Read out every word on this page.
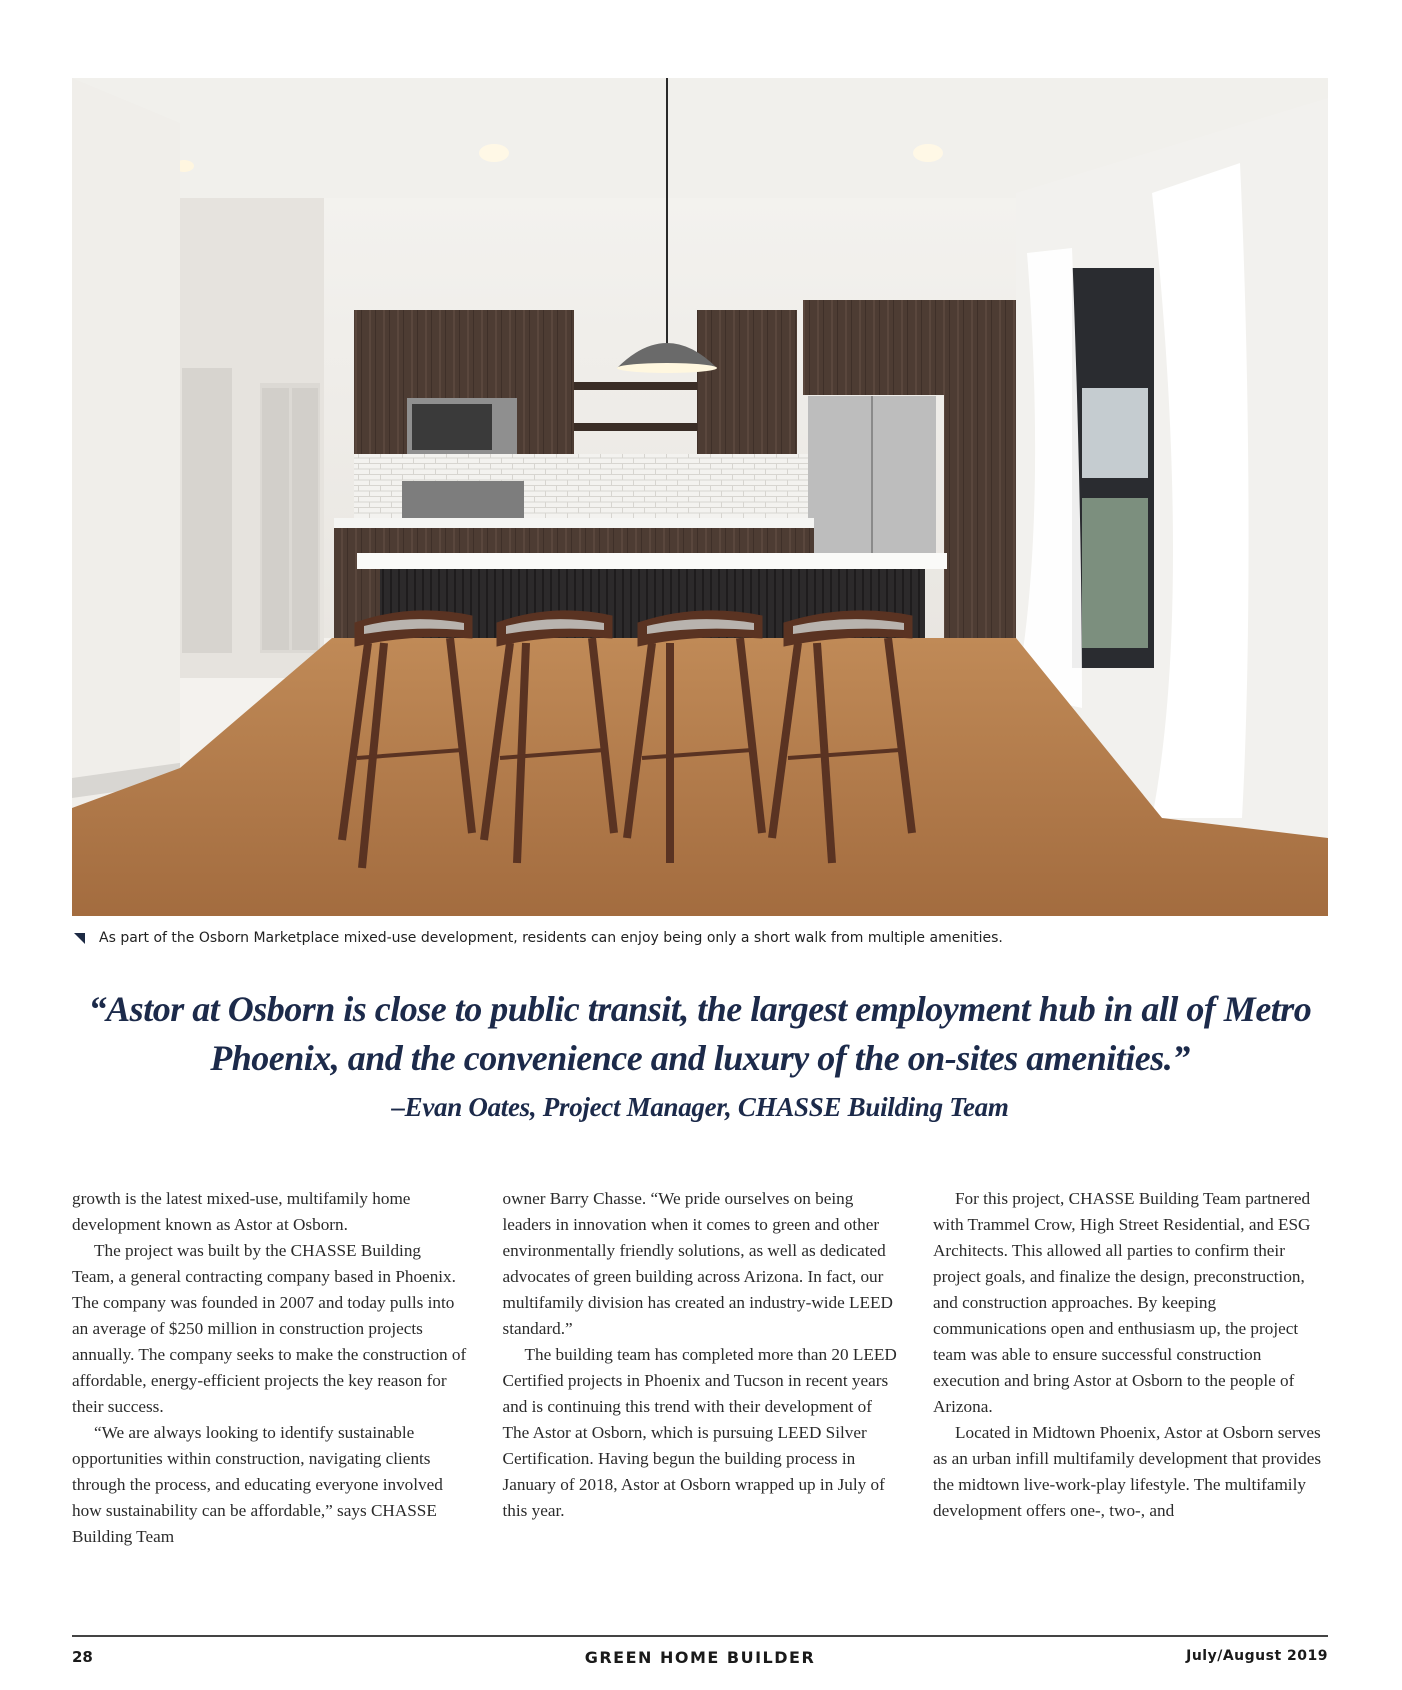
As part of the Osborn Marketplace mixed-use development, residents can enjoy being only a short walk from multiple amenities.
“Astor at Osborn is close to public transit, the largest employment hub in all of Metro
Phoenix, and the convenience and luxury of the on-sites amenities.”
–Evan Oates, Project Manager, CHASSE Building Team

growth is the latest mixed-use, multifamily home development known as Astor at Osborn.

The project was built by the CHASSE Building Team, a general contracting company based in Phoenix. The company was founded in 2007 and today pulls into an average of $250 million in construction projects annually. The company seeks to make the construction of affordable, energy-efficient projects the key reason for their success.

“We are always looking to identify sustainable opportunities within construction, navigating clients through the process, and educating everyone involved how sustainability can be affordable,” says CHASSE Building Team

owner Barry Chasse. “We pride ourselves on being leaders in innovation when it comes to green and other environmentally friendly solutions, as well as dedicated advocates of green building across Arizona. In fact, our multifamily division has created an industry-wide LEED standard.”

The building team has completed more than 20 LEED Certified projects in Phoenix and Tucson in recent years and is continuing this trend with their development of The Astor at Osborn, which is pursuing LEED Silver Certification. Having begun the building process in January of 2018, Astor at Osborn wrapped up in July of this year.

For this project, CHASSE Building Team partnered with Trammel Crow, High Street Residential, and ESG Architects. This allowed all parties to confirm their project goals, and finalize the design, preconstruction, and construction approaches. By keeping communications open and enthusiasm up, the project team was able to ensure successful construction execution and bring Astor at Osborn to the people of Arizona.

Located in Midtown Phoenix, Astor at Osborn serves as an urban infill multifamily development that provides the midtown live-work-play lifestyle. The multifamily development offers one-, two-, and

28	GREEN HOME BUILDER	July/August 2019
